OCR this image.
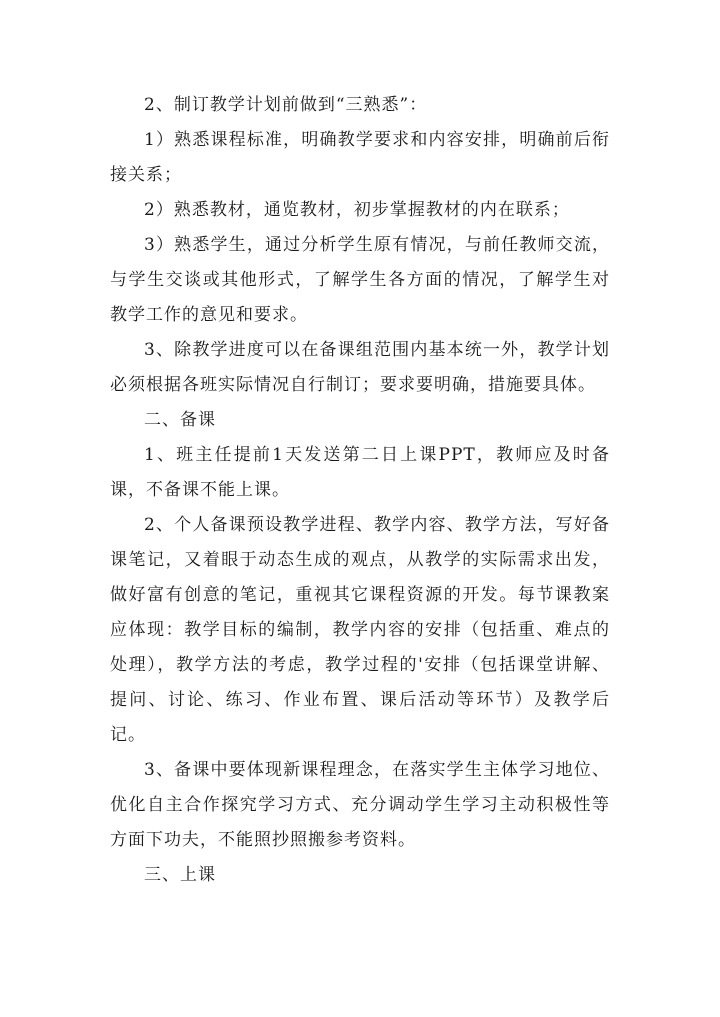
2、制订教学计划前做到“三熟悉”：

1）熟悉课程标准，明确教学要求和内容安排，明确前后衔接关系；

2）熟悉教材，通览教材，初步掌握教材的内在联系；

3）熟悉学生，通过分析学生原有情况，与前任教师交流，与学生交谈或其他形式，了解学生各方面的情况，了解学生对教学工作的意见和要求。

3、除教学进度可以在备课组范围内基本统一外，教学计划必须根据各班实际情况自行制订；要求要明确，措施要具体。

二、备课

1、班主任提前1天发送第二日上课PPT，教师应及时备课，不备课不能上课。

2、个人备课预设教学进程、教学内容、教学方法，写好备课笔记，又着眼于动态生成的观点，从教学的实际需求出发，做好富有创意的笔记，重视其它课程资源的开发。每节课教案应体现：教学目标的编制，教学内容的安排（包括重、难点的处理），教学方法的考虑，教学过程的'安排（包括课堂讲解、提问、讨论、练习、作业布置、课后活动等环节）及教学后记。

3、备课中要体现新课程理念，在落实学生主体学习地位、优化自主合作探究学习方式、充分调动学生学习主动积极性等方面下功夫，不能照抄照搬参考资料。

三、上课
